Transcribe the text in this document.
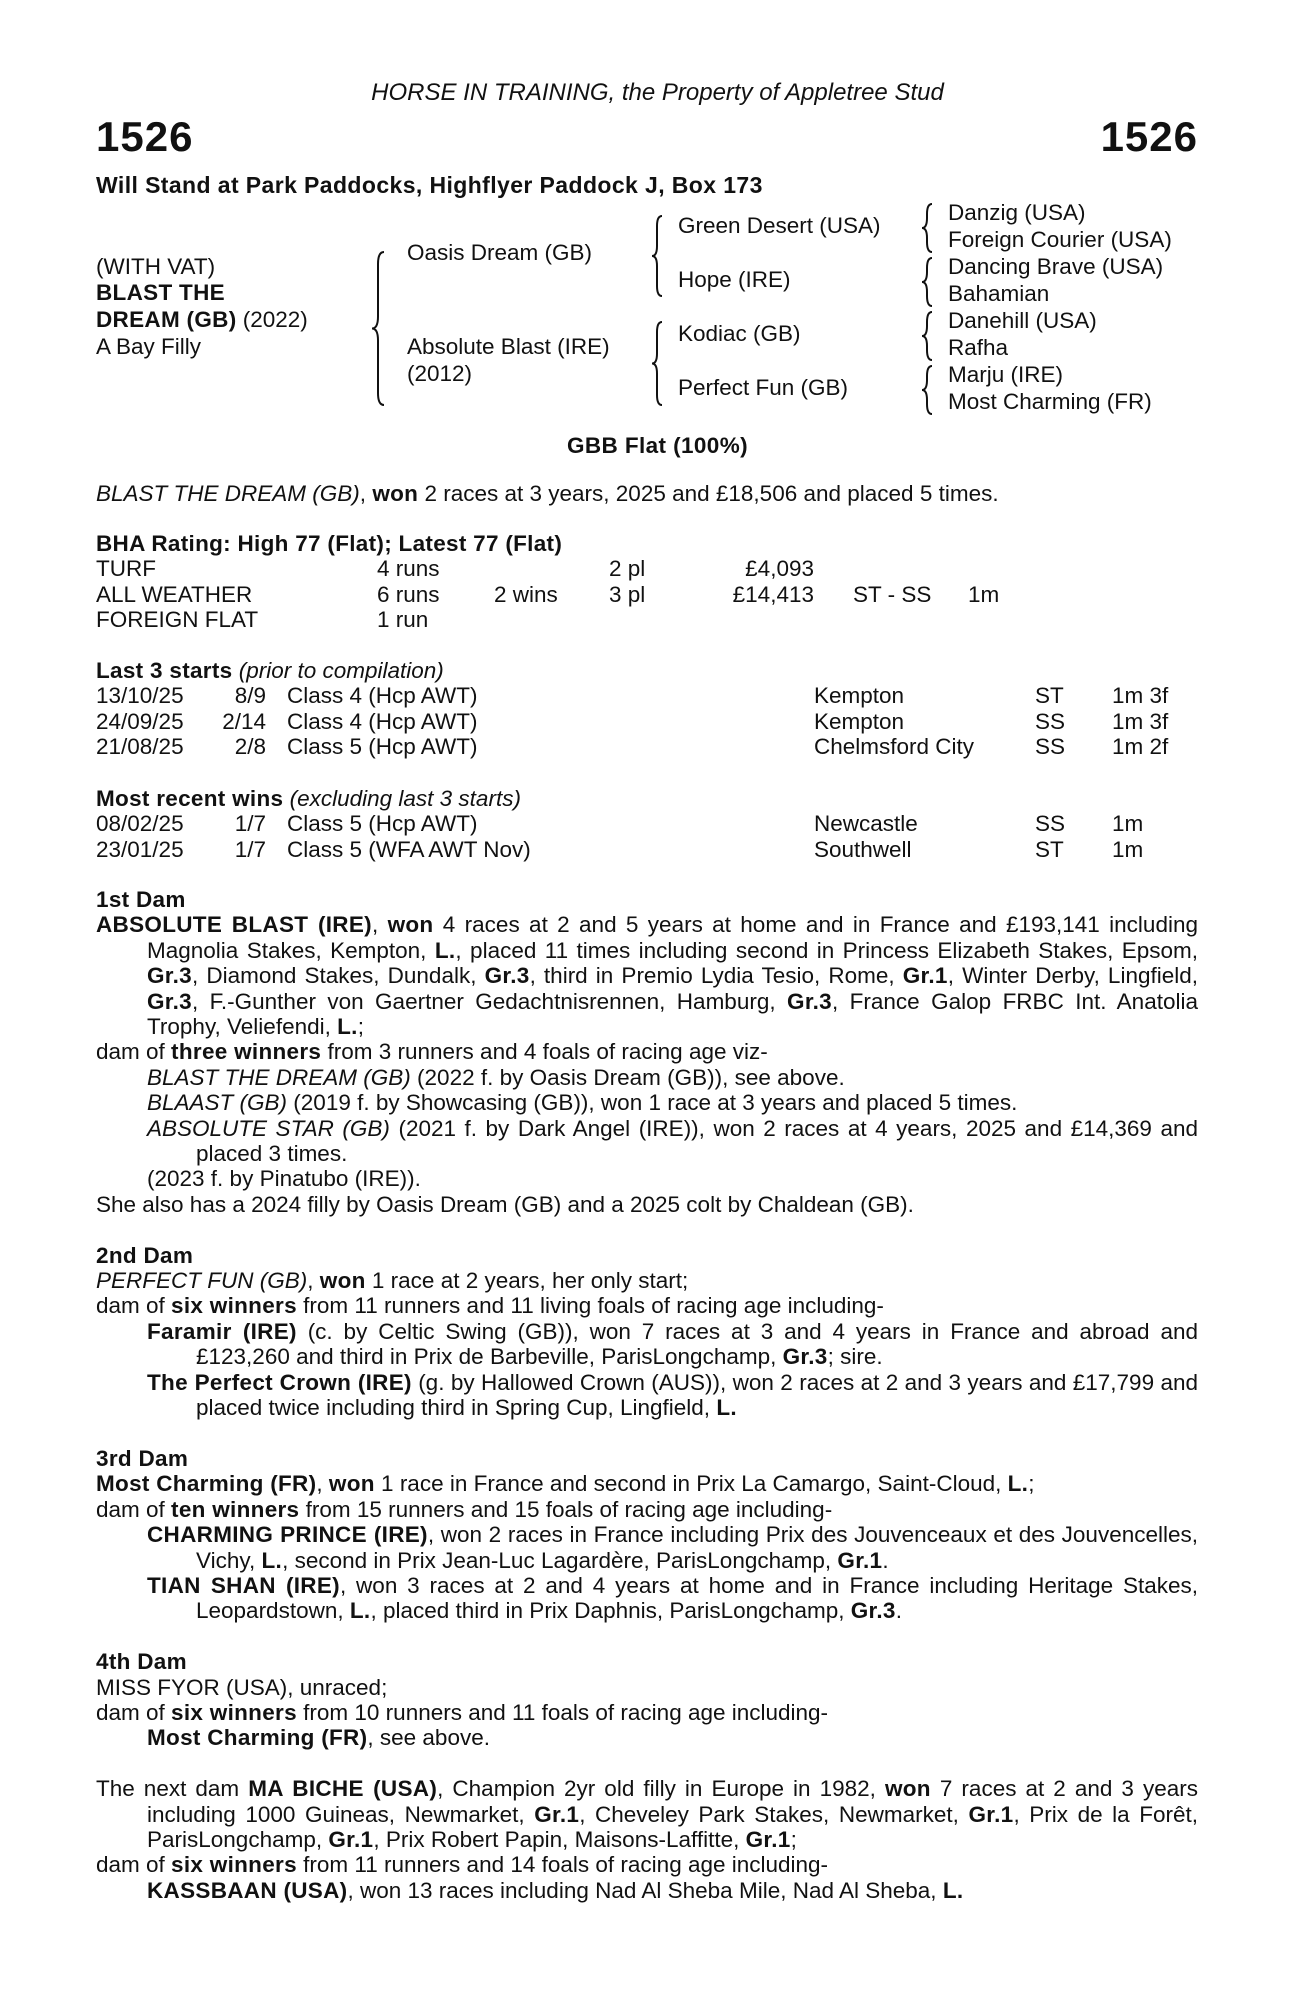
HORSE IN TRAINING, the Property of Appletree Stud
1526	1526
Will Stand at Park Paddocks, Highflyer Paddock J, Box 173
(WITH VAT)
BLAST THE
DREAM (GB) (2022)
A Bay Filly
Oasis Dream (GB)
Absolute Blast (IRE)
(2012)
Green Desert (USA)
Hope (IRE)
Kodiac (GB)
Perfect Fun (GB)
Danzig (USA)
Foreign Courier (USA)
Dancing Brave (USA)
Bahamian
Danehill (USA)
Rafha
Marju (IRE)
Most Charming (FR)
GBB Flat (100%)

BLAST THE DREAM (GB), won 2 races at 3 years, 2025 and £18,506 and placed 5 times.

BHA Rating: High 77 (Flat); Latest 77 (Flat)
TURF	4 runs	2 pl	£4,093
ALL WEATHER	6 runs 2 wins 3 pl	£14,413 ST - SS 1m
FOREIGN FLAT	1 run
Last 3 starts (prior to compilation)
13/10/25 8/9 Class 4 (Hcp AWT)	Kempton	ST 1m 3f
24/09/25 2/14 Class 4 (Hcp AWT)	Kempton	SS 1m 3f
21/08/25 2/8 Class 5 (Hcp AWT)	Chelmsford City	SS 1m 2f
Most recent wins (excluding last 3 starts)
08/02/25 1/7 Class 5 (Hcp AWT)	Newcastle	SS 1m
23/01/25 1/7 Class 5 (WFA AWT Nov)	Southwell	ST 1m
1st Dam

ABSOLUTE BLAST (IRE), won 4 races at 2 and 5 years at home and in France and £193,141 including Magnolia Stakes, Kempton, L., placed 11 times including second in Princess Elizabeth Stakes, Epsom, Gr.3, Diamond Stakes, Dundalk, Gr.3, third in Premio Lydia Tesio, Rome, Gr.1, Winter Derby, Lingfield, Gr.3, F.-Gunther von Gaertner Gedachtnisrennen, Hamburg, Gr.3, France Galop FRBC Int. Anatolia Trophy, Veliefendi, L.;

dam of three winners from 3 runners and 4 foals of racing age viz-

BLAST THE DREAM (GB) (2022 f. by Oasis Dream (GB)), see above.

BLAAST (GB) (2019 f. by Showcasing (GB)), won 1 race at 3 years and placed 5 times.

ABSOLUTE STAR (GB) (2021 f. by Dark Angel (IRE)), won 2 races at 4 years, 2025 and £14,369 and placed 3 times.

(2023 f. by Pinatubo (IRE)).

She also has a 2024 filly by Oasis Dream (GB) and a 2025 colt by Chaldean (GB).

2nd Dam

PERFECT FUN (GB), won 1 race at 2 years, her only start;

dam of six winners from 11 runners and 11 living foals of racing age including-

Faramir (IRE) (c. by Celtic Swing (GB)), won 7 races at 3 and 4 years in France and abroad and £123,260 and third in Prix de Barbeville, ParisLongchamp, Gr.3; sire.

The Perfect Crown (IRE) (g. by Hallowed Crown (AUS)), won 2 races at 2 and 3 years and £17,799 and placed twice including third in Spring Cup, Lingfield, L.

3rd Dam

Most Charming (FR), won 1 race in France and second in Prix La Camargo, Saint-Cloud, L.;

dam of ten winners from 15 runners and 15 foals of racing age including-

CHARMING PRINCE (IRE), won 2 races in France including Prix des Jouvenceaux et des Jouvencelles, Vichy, L., second in Prix Jean-Luc Lagardère, ParisLongchamp, Gr.1.

TIAN SHAN (IRE), won 3 races at 2 and 4 years at home and in France including Heritage Stakes, Leopardstown, L., placed third in Prix Daphnis, ParisLongchamp, Gr.3.

4th Dam

MISS FYOR (USA), unraced;

dam of six winners from 10 runners and 11 foals of racing age including-

Most Charming (FR), see above.

The next dam MA BICHE (USA), Champion 2yr old filly in Europe in 1982, won 7 races at 2 and 3 years including 1000 Guineas, Newmarket, Gr.1, Cheveley Park Stakes, Newmarket, Gr.1, Prix de la Forêt, ParisLongchamp, Gr.1, Prix Robert Papin, Maisons-Laffitte, Gr.1;

dam of six winners from 11 runners and 14 foals of racing age including-

KASSBAAN (USA), won 13 races including Nad Al Sheba Mile, Nad Al Sheba, L.
